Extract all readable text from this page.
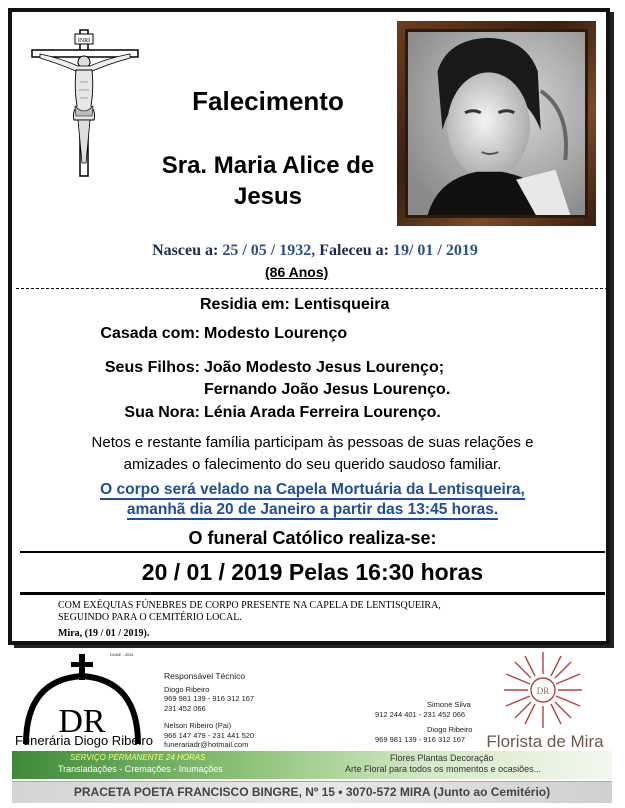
INRI
Falecimento
Sra. Maria Alice de
Jesus
Nasceu a: 25 / 05 / 1932, Faleceu a: 19/ 01 / 2019
(86 Anos)
Residia em: Lentisqueira
Casada com: Modesto Lourenço
Seus Filhos: João Modesto Jesus Lourenço;
Fernando João Jesus Lourenço.
Sua Nora: Lénia Arada Ferreira Lourenço.
Netos e restante família participam às pessoas de suas relações e
amizades o falecimento do seu querido saudoso familiar.
O corpo será velado na Capela Mortuária da Lentisqueira,
amanhã dia 20 de Janeiro a partir das 13:45 horas.
O funeral Católico realiza-se:
20 / 01 / 2019 Pelas 16:30 horas
COM EXÉQUIAS FÚNEBRES DE CORPO PRESENTE NA CAPELA DE LENTISQUEIRA,
SEGUINDO PARA O CEMITÉRIO LOCAL.
Mira, (19 / 01 / 2019).
DR
DGAE - 2041
Funerária Diogo Ribeiro
Responsável Técnico
Diogo Ribeiro
969 981 139 - 916 312 167
231 452 066
Nelson Ribeiro (Pai)
966 147 479 - 231 441 520
funerariadr@hotmail.com
Simone Silva
912 244 401 - 231 452 066
Diogo Ribeiro
969 981 139 - 916 312 167
DR
Florista de Mira
SERVIÇO PERMANENTE 24 HORAS
Transladações - Cremações - Inumações
Flores Plantas Decoração
Arte Floral para todos os momentos e ocasiões...
PRACETA POETA FRANCISCO BINGRE, Nº 15 • 3070-572 MIRA (Junto ao Cemitério)
